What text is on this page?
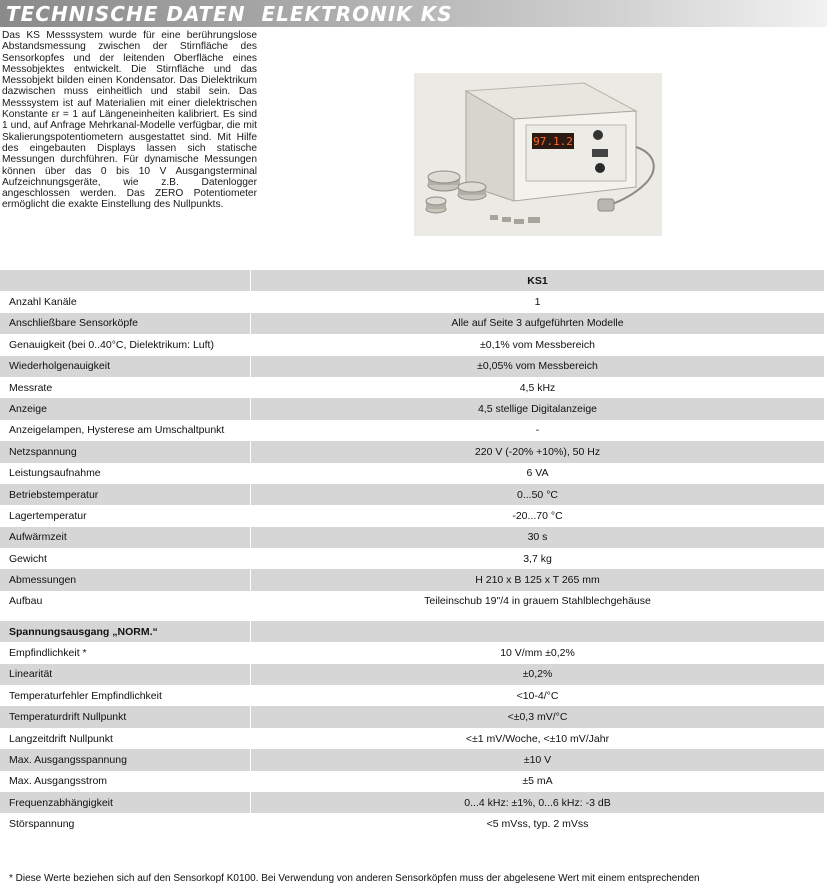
TECHNISCHE DATEN  ELEKTRONIK KS
Das KS Messsystem wurde für eine berührungslose Abstandsmessung zwischen der Stirnfläche des Sensorkopfes und der leitenden Oberfläche eines Messobjektes entwickelt. Die Stirnfläche und das Messobjekt bilden einen Kondensator. Das Dielektrikum dazwischen muss einheitlich und stabil sein. Das Messsystem ist auf Materialien mit einer dielektrischen Konstante εr = 1 auf Längeneinheiten kalibriert. Es sind 1 und, auf Anfrage Mehrkanal-Modelle verfügbar, die mit Skalierungspotentiometern ausgestattet sind. Mit Hilfe des eingebauten Displays lassen sich statische Messungen durchführen. Für dynamische Messungen können über das 0 bis 10 V Ausgangsterminal Aufzeichnungsgeräte, wie z.B. Datenlogger angeschlossen werden. Das ZERO Potentiometer ermöglicht die exakte Einstellung des Nullpunkts.
97.1.2
KS1
Anzahl Kanäle	1
Anschließbare Sensorköpfe	Alle auf Seite 3 aufgeführten Modelle
Genauigkeit (bei 0..40°C, Dielektrikum: Luft)	±0,1% vom Messbereich
Wiederholgenauigkeit	±0,05% vom Messbereich
Messrate	4,5 kHz
Anzeige	4,5 stellige Digitalanzeige
Anzeigelampen, Hysterese am Umschaltpunkt	-
Netzspannung	220 V (-20% +10%), 50 Hz
Leistungsaufnahme	6 VA
Betriebstemperatur	0...50 °C
Lagertemperatur	-20...70 °C
Aufwärmzeit	30 s
Gewicht	3,7 kg
Abmessungen	H 210 x B 125 x T 265 mm
Aufbau	Teileinschub 19"/4 in grauem Stahlblechgehäuse
Spannungsausgang „NORM.“
Empfindlichkeit *	10 V/mm ±0,2%
Linearität	±0,2%
Temperaturfehler Empfindlichkeit	<10-4/°C
Temperaturdrift Nullpunkt	<±0,3 mV/°C
Langzeitdrift Nullpunkt	<±1 mV/Woche, <±10 mV/Jahr
Max. Ausgangsspannung	±10 V
Max. Ausgangsstrom	±5 mA
Frequenzabhängigkeit	0...4 kHz: ±1%, 0...6 kHz: -3 dB
Störspannung	<5 mVss, typ. 2 mVss
* Diese Werte beziehen sich auf den Sensorkopf K0100. Bei Verwendung von anderen Sensorköpfen muss der abgelesene Wert mit einem entsprechenden
